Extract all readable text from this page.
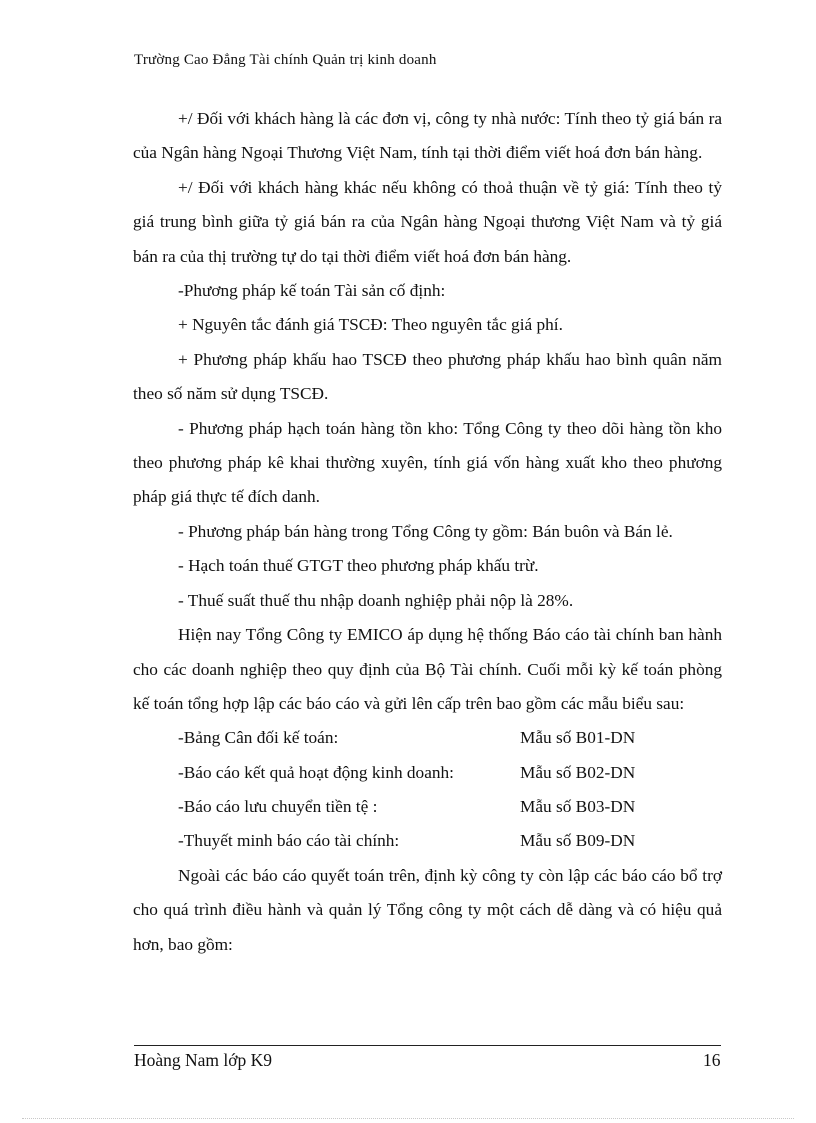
Trường Cao Đẳng Tài chính Quản trị kinh doanh

+/ Đối với khách hàng là các đơn vị, công ty nhà nước: Tính theo tỷ giá bán ra của Ngân hàng Ngoại Thương Việt Nam, tính tại thời điểm viết hoá đơn bán hàng.

+/ Đối với khách hàng khác nếu không có thoả thuận về tỷ giá: Tính theo tỷ giá trung bình giữa tỷ giá bán ra của Ngân hàng Ngoại thương Việt Nam và tỷ giá bán ra của thị trường tự do tại thời điểm viết hoá đơn bán hàng.

-Phương pháp kế toán Tài sản cố định:
+ Nguyên tắc đánh giá TSCĐ: Theo nguyên tắc giá phí.

+ Phương pháp khấu hao TSCĐ theo phương pháp khấu hao bình quân năm theo số năm sử dụng TSCĐ.

- Phương pháp hạch toán hàng tồn kho: Tổng Công ty theo dõi hàng tồn kho theo phương pháp kê khai thường xuyên, tính giá vốn hàng xuất kho theo phương pháp giá thực tế đích danh.

- Phương pháp bán hàng trong Tổng Công ty gồm: Bán buôn và Bán lẻ.
- Hạch toán thuế GTGT theo phương pháp khấu trừ.
- Thuế suất thuế thu nhập doanh nghiệp phải nộp là 28%.

Hiện nay Tổng Công ty EMICO áp dụng hệ thống Báo cáo tài chính ban hành cho các doanh nghiệp theo quy định của Bộ Tài chính. Cuối mỗi kỳ kế toán phòng kế toán tổng hợp lập các báo cáo và gửi lên cấp trên bao gồm các mẫu biểu sau:

-Bảng Cân đối kế toán:	Mẫu số B01-DN
-Báo cáo kết quả hoạt động kinh doanh:	Mẫu số B02-DN
-Báo cáo lưu chuyển tiền tệ :	Mẫu số B03-DN
-Thuyết minh báo cáo tài chính:	Mẫu số B09-DN

Ngoài các báo cáo quyết toán trên, định kỳ công ty còn lập các báo cáo bổ trợ cho quá trình điều hành và quản lý Tổng công ty một cách dễ dàng và có hiệu quả hơn, bao gồm:

Hoàng Nam lớp K9	16
